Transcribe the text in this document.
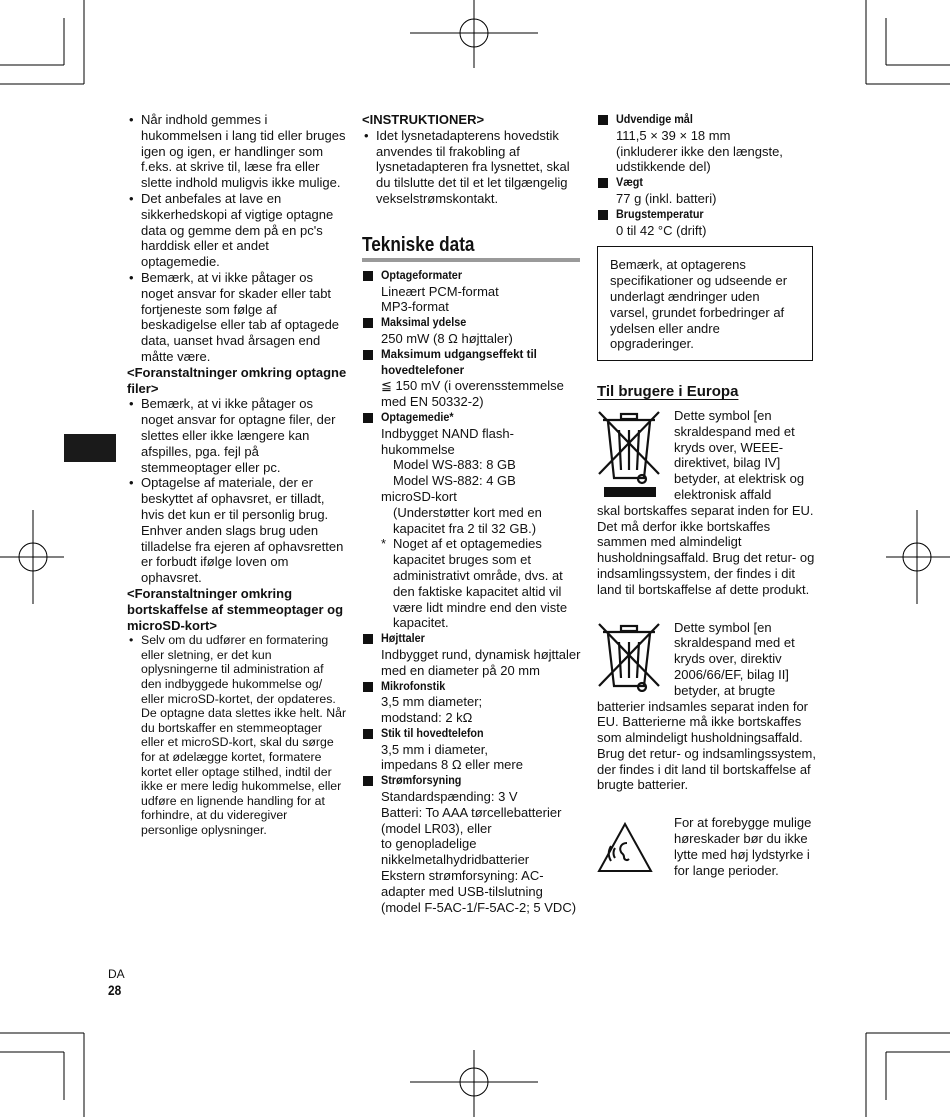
• Når indhold gemmes i hukommelsen i lang tid eller bruges igen og igen, er handlinger som f.eks. at skrive til, læse fra eller slette indhold muligvis ikke mulige.
• Det anbefales at lave en sikkerhedskopi af vigtige optagne data og gemme dem på en pc's harddisk eller et andet optagemedie.
• Bemærk, at vi ikke påtager os noget ansvar for skader eller tabt fortjeneste som følge af beskadigelse eller tab af optagede data, uanset hvad årsagen end måtte være.
<Foranstaltninger omkring optagne filer>
• Bemærk, at vi ikke påtager os noget ansvar for optagne filer, der slettes eller ikke længere kan afspilles, pga. fejl på stemmeoptager eller pc.
• Optagelse af materiale, der er beskyttet af ophavsret, er tilladt, hvis det kun er til personlig brug. Enhver anden slags brug uden tilladelse fra ejeren af ophavsretten er forbudt ifølge loven om ophavsret.
<Foranstaltninger omkring bortskaffelse af stemmeoptager og microSD-kort>
• Selv om du udfører en formatering eller sletning, er det kun oplysningerne til administration af den indbyggede hukommelse og/ eller microSD-kortet, der opdateres. De optagne data slettes ikke helt. Når du bortskaffer en stemmeoptager eller et microSD-kort, skal du sørge for at ødelægge kortet, formatere kortet eller optage stilhed, indtil der ikke er mere ledig hukommelse, eller udføre en lignende handling for at forhindre, at du videregiver personlige oplysninger.
<INSTRUKTIONER>
• Idet lysnetadapterens hovedstik anvendes til frakobling af lysnetadapteren fra lysnettet, skal du tilslutte det til et let tilgængelig vekselstrømskontakt.
Tekniske data
Optageformater
Lineært PCM-format
MP3-format
Maksimal ydelse
250 mW (8 Ω højttaler)
Maksimum udgangseffekt til hovedtelefoner
≦ 150 mV (i overensstemmelse med EN 50332-2)
Optagemedie*
Indbygget NAND flash-hukommelse
Model WS-883: 8 GB
Model WS-882: 4 GB
microSD-kort
(Understøtter kort med en kapacitet fra 2 til 32 GB.)
* Noget af et optagemedies kapacitet bruges som et administrativt område, dvs. at den faktiske kapacitet altid vil være lidt mindre end den viste kapacitet.
Højttaler
Indbygget rund, dynamisk højttaler med en diameter på 20 mm
Mikrofonstik
3,5 mm diameter;
modstand: 2 kΩ
Stik til hovedtelefon
3,5 mm i diameter,
impedans 8 Ω eller mere
Strømforsyning
Standardspænding: 3 V
Batteri: To AAA tørcellebatterier (model LR03), eller
to genopladelige nikkelmetalhydridbatterier
Ekstern strømforsyning: AC-adapter med USB-tilslutning (model F-5AC-1/F-5AC-2; 5 VDC)
Udvendige mål
111,5 × 39 × 18 mm
(inkluderer ikke den længste, udstikkende del)
Vægt
77 g (inkl. batteri)
Brugstemperatur
0 til 42 °C (drift)
Bemærk, at optagerens specifikationer og udseende er underlagt ændringer uden varsel, grundet forbedringer af ydelsen eller andre opgraderinger.
Til brugere i Europa
Dette symbol [en skraldespand med et kryds over, WEEE-direktivet, bilag IV] betyder, at elektrisk og elektronisk affald
skal bortskaffes separat inden for EU. Det må derfor ikke bortskaffes sammen med almindeligt husholdningsaffald. Brug det retur- og indsamlingssystem, der findes i dit land til bortskaffelse af dette produkt.
Dette symbol [en skraldespand med et kryds over, direktiv 2006/66/EF, bilag II] betyder, at brugte
batterier indsamles separat inden for EU. Batterierne må ikke bortskaffes som almindeligt husholdningsaffald. Brug det retur- og indsamlingssystem, der findes i dit land til bortskaffelse af brugte batterier.
For at forebygge mulige høreskader bør du ikke lytte med høj lydstyrke i for lange perioder.
DA
28
